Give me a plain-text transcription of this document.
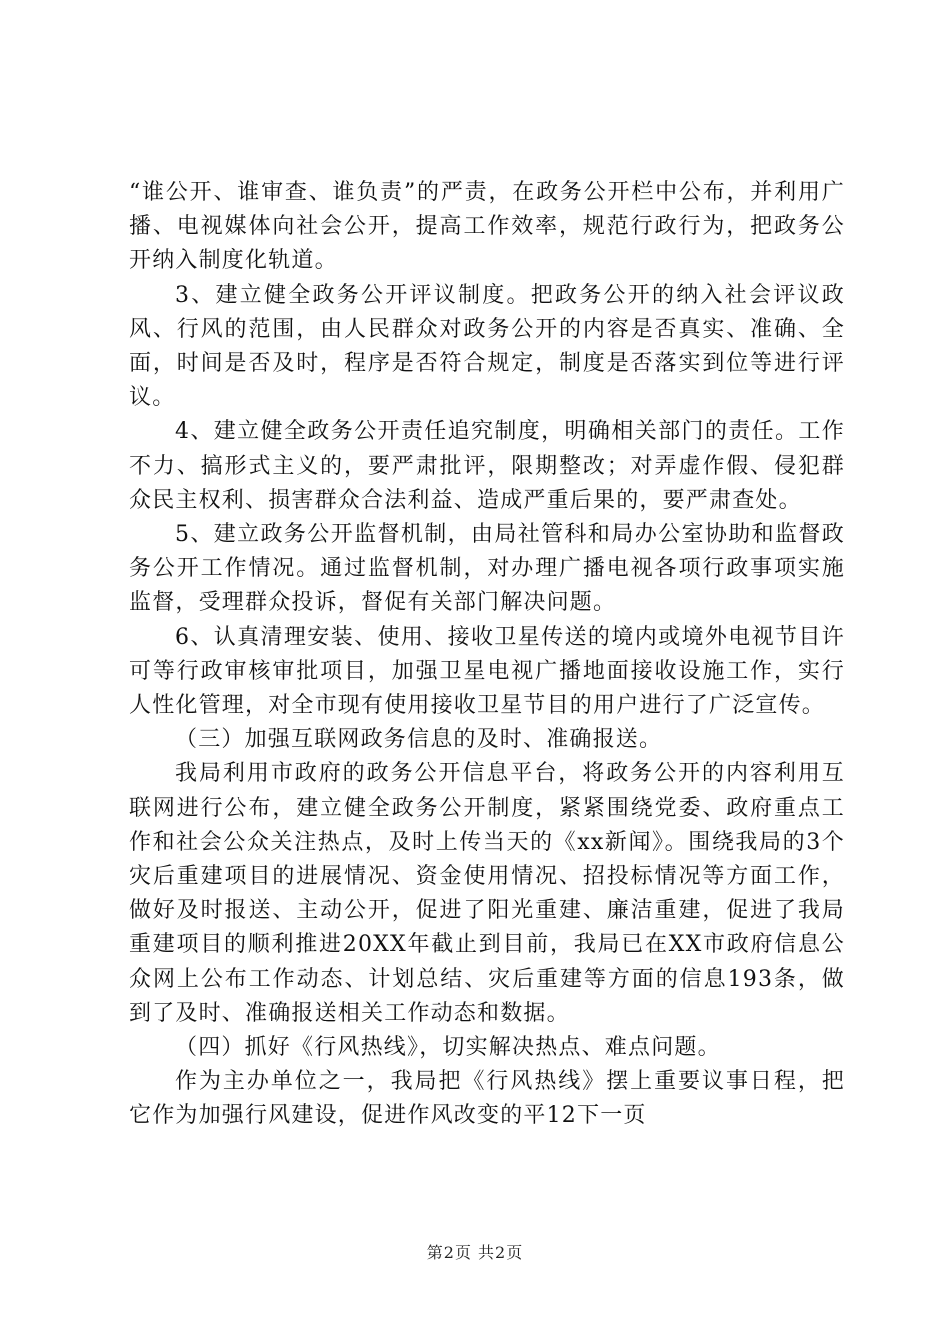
“谁公开、谁审查、谁负责”的严责，在政务公开栏中公布，并利用广播、电视媒体向社会公开，提高工作效率，规范行政行为，把政务公开纳入制度化轨道。

3、建立健全政务公开评议制度。把政务公开的纳入社会评议政风、行风的范围，由人民群众对政务公开的内容是否真实、准确、全面，时间是否及时，程序是否符合规定，制度是否落实到位等进行评议。

4、建立健全政务公开责任追究制度，明确相关部门的责任。工作不力、搞形式主义的，要严肃批评，限期整改；对弄虚作假、侵犯群众民主权利、损害群众合法利益、造成严重后果的，要严肃查处。

5、建立政务公开监督机制，由局社管科和局办公室协助和监督政务公开工作情况。通过监督机制，对办理广播电视各项行政事项实施监督，受理群众投诉，督促有关部门解决问题。

6、认真清理安装、使用、接收卫星传送的境内或境外电视节目许可等行政审核审批项目，加强卫星电视广播地面接收设施工作，实行人性化管理，对全市现有使用接收卫星节目的用户进行了广泛宣传。

（三）加强互联网政务信息的及时、准确报送。

我局利用市政府的政务公开信息平台，将政务公开的内容利用互联网进行公布，建立健全政务公开制度，紧紧围绕党委、政府重点工作和社会公众关注热点，及时上传当天的《xx新闻》。围绕我局的3个灾后重建项目的进展情况、资金使用情况、招投标情况等方面工作，做好及时报送、主动公开，促进了阳光重建、廉洁重建，促进了我局重建项目的顺利推进20XX年截止到目前，我局已在XX市政府信息公众网上公布工作动态、计划总结、灾后重建等方面的信息193条，做到了及时、准确报送相关工作动态和数据。

（四）抓好《行风热线》，切实解决热点、难点问题。

作为主办单位之一，我局把《行风热线》摆上重要议事日程，把它作为加强行风建设，促进作风改变的平12下一页

第2页 共2页
